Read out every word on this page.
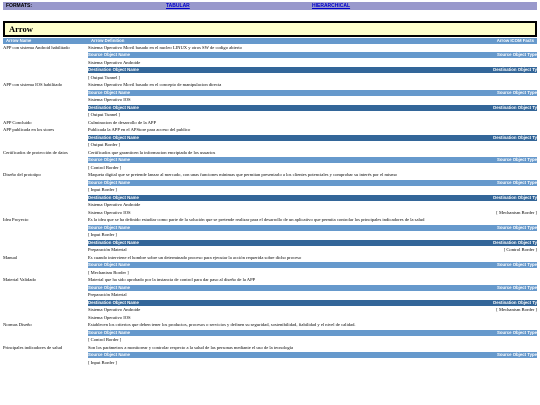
FORMATS:	TABULAR	HIERARCHICAL
Arrow
Arrow Name	Arrow Definition	Arrow ICOM Facts
APP con sistema Android habilitado	Sistema Operativo Movil basado en el nucleo LINUX y otros SW de codigo abierto
Source Object Name	Source Object Type
Sistema Operativo Androide
Destination Object Name	Destination Object Ty
[ Output Tunnel ]
APP con sistema IOS habilitado	Sistema Operativo Movil basado en el concepto de manipulacion directa
Source Object Name	Source Object Type
Sistema Operativo IOS
Destination Object Name	Destination Object Ty
[ Output Tunnel ]
APP Concluido	Culminacion de desarrollo de la APP
APP publicada en los stores	Publicada la APP en el APStore para acceso del publico
Destination Object Name	Destination Object Ty
[ Output Border ]
Certificados de protección de datos	Certificados que garanticen la informacion encriptada de los usuarios
Source Object Name	Source Object Type
[ Control Border ]
Diseño del prototipo	Maqueta digital que se pretende lanzar al mercado, con unas funciones mínimas que permitan presentarlo a los clientes potenciales y comprobar su interés por el mismo
Source Object Name	Source Object Type
[ Input Border ]
Destination Object Name	Destination Object Ty
Sistema Operativo Androide
Sistema Operativo IOS	[ Mechanism Border ]
Idea Proyecto	Es la idea que se ha definido estudiar como parte de la solución que se pretende realizar para el desarrollo de un aplicativo que permita controlar los principales indicadores de la salud
Source Object Name	Source Object Type
[ Input Border ]
Destination Object Name	Destination Object Ty
Preparación Material	[ Control Border ]
Manual	Es cuando interviene el hombre sobre un determinado proceso para ejecutar la acción requerida sobre dicho proceso
Source Object Name	Source Object Type
[ Mechanism Border ]
Material Validado	Material que ha sido aprobado por la instancia de control para dar paso al diseño de la APP
Source Object Name	Source Object Type
Preparación Material
Destination Object Name	Destination Object Ty
Sistema Operativo Androide	[ Mechanism Border ]
Sistema Operativo IOS
Normas Diseño	Establecen los criterios que deben tener los productos, procesos o servicios y definen su seguridad, sostenibilidad, fiabilidad y el nivel de calidad.
Source Object Name	Source Object Type
[ Control Border ]
Principales indicadores de salud	Son los parámetros a monitorear y controlar respecto a la salud de las personas mediante el uso de la tecnología
Source Object Name	Source Object Type
[ Input Border ]
